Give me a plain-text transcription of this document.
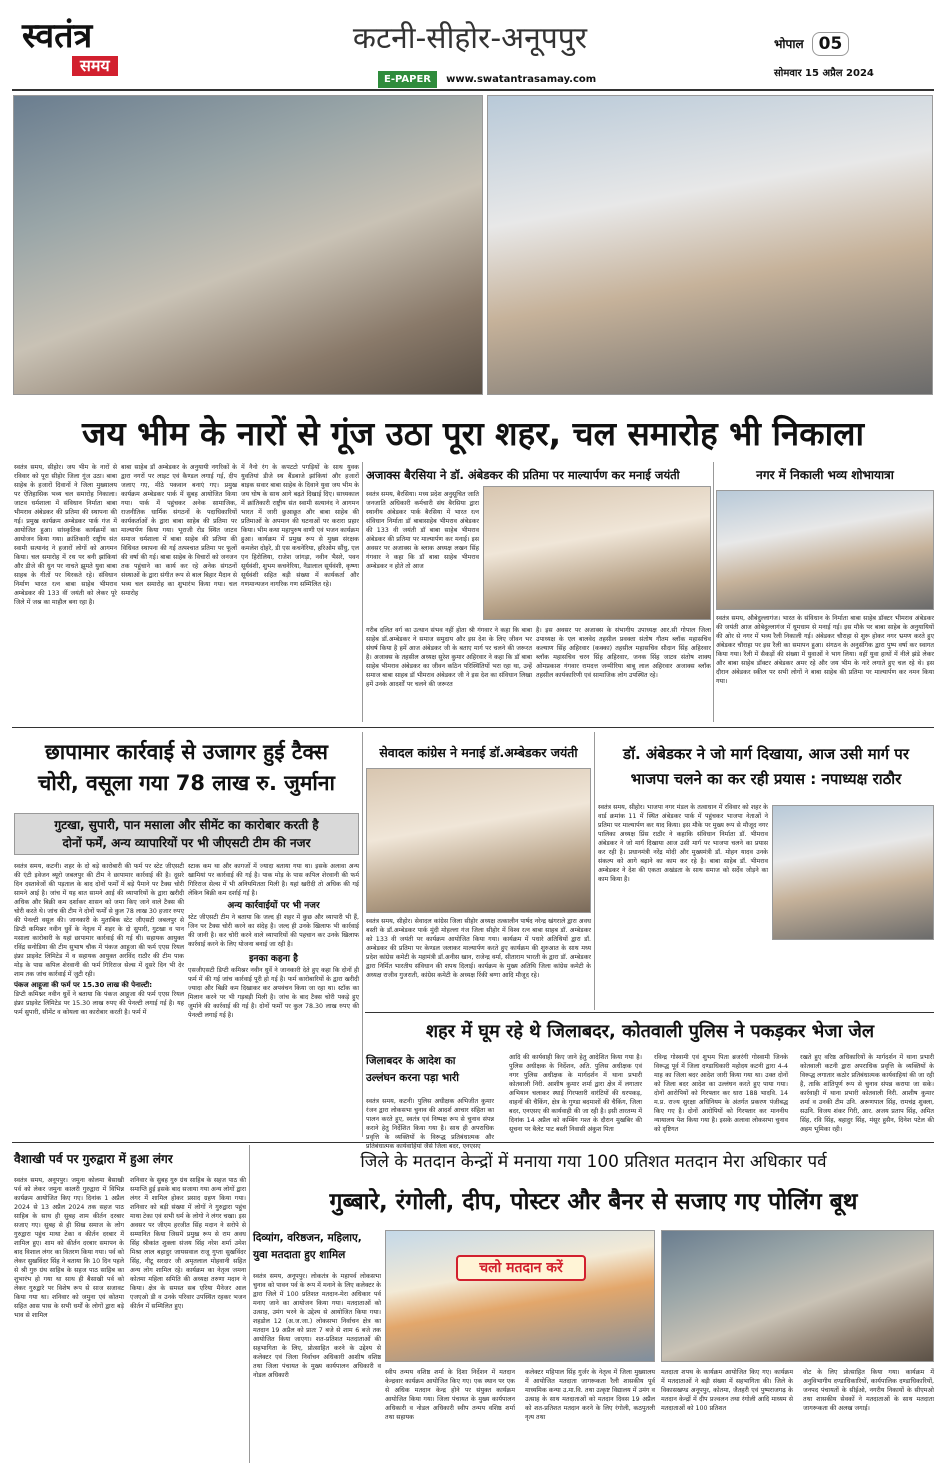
स्वतंत्र
समय
कटनी-सीहोर-अनूपपुर
E-PAPER www.swatantrasamay.com
भोपाल 05
सोमवार 15 अप्रैल 2024
जय भीम के नारों से गूंज उठा पूरा शहर, चल समारोह भी निकाला
स्वतंत्र समय, सीहोर। जय भीम के नारों से रविवार को पूरा सीहोर जिला गूंज उठा। बाबा साहेब के हजारों दिवानों ने जिला मुख्यालय पर ऐतिहासिक भव्य चल समारोह निकाला। जाटव धर्मशाला में संविधान निर्माता बाबा भीमराव अंबेडकर की प्रतिमा की स्थापना की गई। प्रमुख कार्यक्रम अम्बेडकर पार्क गंज में आयोजित हुआ। सांस्कृतिक कार्यक्रमों का आयोजन किया गया। क्रांतिकारी राष्ट्रीय संत स्वामी सत्यानंद ने हजारों लोगों को आगमन किया। चल समारोह में रथ पर बनी झांकियां और डीजे की धुन पर नाचते झूमते युवा बाबा साहब के गीतों पर थिरकते रहे। संविधान निर्माण भारत रत्न बाबा साहेब भीमराव अम्बेडकर की 133 वीं जयंती को लेकर पूरे जिले में जश्न का माहौल बना रहा है।
बाबा साहेब डॉ अम्बेडकर के अनुयायी नगरिकों के द्वारा नगरों पर लाइट एवं कैण्डल लगाई गई, दीप जलाए गए, मीठे पकवान बनाएं गए। प्रमुख कार्यक्रम अम्बेडकर पार्क में सुबह आयोजित किया गया। पार्क में पहुंचकर अनेक सामाजिक, राजनीतिक धार्मिक संगठनों के पदाधिकारियों कार्यकर्ताओं के द्वारा बाबा साहेब की प्रतिमा पर माल्यार्पण किया गया। भूराजी रोड स्थित जाटव समाज धर्मशाला में बाबा साहेब की प्रतिमा की विधिवत स्थापना की गई तत्पश्चात प्रतिमा पर फूलों की वर्षा की गई। बाबा साहेब के विचारों को जनजन तक पहुंचाने का कार्य कर रहे अनेक संगठनों संस्थाओं के द्वारा संगीत रूप से बाल बिहार मैदान से भव्य चल समारोह का शुभारंभ किया गया। चल समारोह
में नैनो रंग के कपटटो पगड़ियों के साथ युवक युवतियां डीजे स्थ बैंडबाजे झांकियां और हजारों बाइक सवार बाबा साहेब के दिवाने युवा जय भीम के जय घोष के साथ आगे बढ़ते दिखाई दिए। साध्यकाल में क्रांतिकारी राष्ट्रीय संत स्वामी सत्यानंद ने आगमन भारत में जारी छुआछूत और बाबा साहेब की प्रतिमाओं के अपमान की घटनाओं पर करारा प्रहार किया। भीम कथा महापुरुष वाणी एवं भजन कार्यक्रम हुआ। कार्यक्रम में प्रमुख रूप से मुख्य संरक्षक कमलेश दोहरे, डी एस कचनेरिया, हरिओम सौंधु, एल एन हिरोलिया, राजेश जांगड़ा, नवीन भैसरे, पवन सूर्यवंशी, शुभम कचनेरिया, नैडालाल सूर्यवंशी, कृष्णा सूर्यवंशी सहित बड़ी संख्या में कार्यकर्ता और गणमान्यजन नागरिक गण सम्मिलित रहे।
अजाक्स बैरसिया ने डॉ. अंबेडकर की प्रतिमा पर माल्यार्पण कर मनाई जयंती
स्वतंत्र समय, बैरसिया। मध्य प्रदेश अनुसूचित जाति जनजाति अधिकारी कर्मचारी संघ बैरसिया द्वारा स्थानीय अंबेडकर पार्क बैरसिया में भारत रत्न संविधान निर्माता डॉ बाबासाहेब भीमराव अंबेडकर की 133 वी जयंती डॉ बाबा साहेब भीमराव अंबेडकर की प्रतिमा पर माल्यार्पण कर मनाई। इस अवसर पर अजाक्स के ब्लाक अध्यक्ष लखन सिंह गंगवार ने कहा कि डॉ बाबा साहेब भीमराव अम्बेडकर न होते तो आज
गरीब दलित वर्ग का उत्थान संभव नहीं होता श्री गंगवार ने कहा कि बाबा साहेब डॉ.अम्बेडकर ने समाज समुदाय और इस देश के लिए जीवन भर संघर्ष किया है हमें आज अंबेडकर जी के बताए मार्ग पर चलने की जरूरत है। अजाक्स के तहसील अध्यक्ष सुरेश कुमार अहिरवार ने कहा कि डॉ बाबा साहेब भीमराव अंबेडकर का जीवन कठिन परिस्थितियों भरा रहा था, उन्हें समाज बाबा साहब डॉ भीमराव अंबेडकर जी ने इस देश का संविधान लिखा हमें उनके आदर्शों पर चलने की जरूरत
है। इस अवसर पर अजाक्स के संभागीय उपाध्यक्ष आर.सी गोपाल जिला उपाध्यक्ष के एल बालवेद तहसील प्रवक्ता संतोष गौतम ब्लॉक महासचिव कल्याण सिंह अहिरवार (कक्का) तहसील महासचिव सौदान सिंह अहिरवार ब्लॉक महासचिव चरन सिंह अहिरवार, जनक सिंह जाटव संतोष शाक्य ओमप्रकाश गंगवार रामदत्त जन्मीरिया बाबू लाल अहिरवार अजाक्स ब्लॉक तहसील कार्यकारिणी एवं सामाजिक लोग उपस्थित रहे।
नगर में निकाली भव्य शोभायात्रा
स्वतंत्र समय, औबेदुल्लागंज। भारत के संविधान के निर्माता बाबा साहेब डॉक्टर भीमराव अंबेडकर की जयंती आज ओबेदुल्लागंज में धूमधाम से मनाई गई। इस मौके पर बाबा साहेब के अनुयायियों की ओर से नगर में भव्य रैली निकाली गई। अंबेडकर चौराहा से शुरू होकर नगर भ्रमण करते हुए अंबेडकर चौराहा पर इस रैली का समापन हुआ। संगठन के अनुसंगिक द्वारा पुष्प वर्षा कर स्वागत किया गया। रैली में सैकड़ों की संख्या में युवाओं ने भाग लिया। वहीं युवा हाथों में नीले झंडे लेकर और बाबा साहेब डॉक्टर अंबेडकर अमर रहे और जय भीम के नारे लगाते हुए चल रहे थे। इस दौरान अंबेडकर स्कील पर सभी लोगों ने बाबा साहेब की प्रतिमा पर माल्यार्पण कर नमन किया गया।
छापामार कार्रवाई से उजागर हुई टैक्स
चोरी, वसूला गया 78 लाख रु. जुर्माना
गुटखा, सुपारी, पान मसाला और सीमेंट का कारोबार करती है
दोनों फर्में, अन्य व्यापारियों पर भी जीएसटी टीम की नजर
स्वतंत्र समय, कटनी। शहर के दो बड़े कारोबारी की फर्म पर स्टेट जीएसटी की एंटी इवेजन ब्यूरो जबलपुर की टीम ने छापामार कार्रवाई की है। दूसरे दिन दस्तावेजों की पड़ताल के बाद दोनों फर्मों में बड़े पैमाने पर टैक्स चोरी सामने आई है। जांच में यह बात सामने आई की व्यापारियों के द्वारा खरीदी अधिक और बिक्री कम दर्शाकर शासन को जमा किए जाने वाले टैक्स की चोरी करते थे। जांच की टीम ने दोनों फर्मों से कुल 78 लाख 30 हजार रुपए की पेनल्टी वसूल की। जानकारी के मुताबिक स्टेट जीएसटी जबलपुर से डिप्टी कमिश्नर नवीन धुर्वे के नेतृत्व में शहर के दो सुपारी, गुटखा व पान मसाला कारोबारी के यहां छापामार कार्रवाई की गई थी। सहायक आयुक्त रविंद्र सनोडिया की टीम सुभाष चौक में पंकज आहूजा की फर्म एएस रियल इंफ्रा प्राइवेट लिमिटेड में व सहायक आयुक्त अरविंद राठौर की टीम पाक मोड़ के पास कपिल शेरवानी की फर्म गिरिराज सेल्स में दूसरे दिन भी देर शाम तक जांच कार्रवाई में जुटी रही।
पंकज आहूजा की फर्म पर 15.30 लाख की पेनाल्टी:
डिप्टी कमिश्नर नवीन धुर्वे ने बताया कि पंकज आहूजा की फर्म एएस रियल इंफ्रा प्राइवेट लिमिटेड पर 15.30 लाख रुपए की पेनल्टी लगाई गई है। यह फर्म सुपारी, सीमेंट व कोयला का कारोबार करती है। फर्म में
स्टाक कम था और कागजों में ज्यादा बताया गया था। इसके अलावा अन्य खामियां पर कार्रवाई की गई है। पाक मोड़ के पास कपिल शेरवानी की फर्म गिरिराज सेल्स में भी अनियमितता मिली है। यहां खरीदी तो अधिक की गई लेकिन बिक्री कम दर्शाई गई है।
अन्य कार्रवाईयों पर भी नजर
स्टेट जीएसटी टीम ने बताया कि जल्द ही शहर में कुछ और व्यापारी भी हैं, जिन पर टैक्स चोरी करने का संदेह है। जल्द ही उनके खिलाफ भी कार्रवाई की जानी है। कर चोरी करने वाले व्यापारियों की पहचान कर उनके खिलाफ कार्रवाई करने के लिए योजना बनाई जा रही है।
इनका कहना है
एसजीएसटी डिप्टी कमिश्नर नवीन धुर्वे ने जानकारी देते हुए कहा कि दोनों ही फर्म में की गई जांच कार्रवाई पूरी हो गई है। फर्म कारोबारियों के द्वारा खरीदी ज्यादा और बिक्री कम दिखाकर कर अपवंचन किया जा रहा था। स्टॉक का मिलान करने पर भी गड़बड़ी मिली है। जांच के बाद टैक्स चोरी पकड़े हुए जुर्माने की कार्रवाई की गई है। दोनों फर्मों पर कुल 78.30 लाख रुपए की पेनल्टी लगाई गई है।
सेवादल कांग्रेस ने मनाई डॉ.अम्बेडकर जयंती
स्वतंत्र समय, सीहोर। सेवादल कांग्रेस जिला सीहोर अध्यक्ष तत्कालीन पार्षद नरेन्द्र खंगराले द्वारा अवध बस्ती के डॉ.अम्बेडकर पार्क मुंदी मोहल्ला गंज जिला सीहोर में विश्व रत्न बाबा साहब डॉ. अम्बेडकर को 133 वी जयंती पर कार्यक्रम आयोजित किया गया। कार्यक्रम में पधारे अतिथियों द्वारा डॉ. अम्बेडकर की प्रतिमा पर केण्डल जलाकर माल्यार्पण करते हुए कार्यक्रम की शुरुआत के साथ मध्य प्रदेश कांग्रेस कमेटी के महामंत्री डॉ.अनीस खान, राजेन्द्र वर्मा, सीताराम भारती के द्वारा डॉ. अम्बेडकर द्वारा निर्मित भारतीय संविधान की शपथ दिलाई। कार्यक्रम के मुख्य अतिथि जिला कांग्रेस कमेटी के अध्यक्ष राजीव गुजराती, कांग्रेस कमेटी के अध्यक्ष रिंकी बग्गा आदि मौजूद रहे।
डॉ. अंबेडकर ने जो मार्ग दिखाया, आज उसी मार्ग पर
भाजपा चलने का कर रही प्रयास : नपाध्यक्ष राठौर
स्वतंत्र समय, सीहोर। भाजपा नगर मंडल के तत्वाधान में रविवार को शहर के वार्ड क्रमांक 11 में स्थित अंबेडकर पार्क में पहुंचकर भाजपा नेताओं ने प्रतिमा पर माल्यार्पण कर याद किया। इस मौके पर मुख्य रूप से मौजूद नगर पालिका अध्यक्ष प्रिंस राठौर ने कहाकि संविधान निर्माता डॉ. भीमराव अंबेडकर ने जो मार्ग दिखाया आज उसी मार्ग पर भाजपा चलने का प्रयास कर रही है। प्रधानमंत्री नरेंद्र मोदी और मुख्यमंत्री डॉ. मोहन यादव उनके संकल्प को आगे बढ़ाने का काम कर रहे है। बाबा साहेब डॉ. भीमराव अम्बेडकर ने देश की एकता अखंडता के साथ समाज को सर्देव जोड़ने का काम किया है।
शहर में घूम रहे थे जिलाबदर, कोतवाली पुलिस ने पकड़कर भेजा जेल
जिलाबदर के आदेश का
उल्लंघन करना पड़ा भारी
स्वतंत्र समय, कटनी। पुलिस अधीक्षक अभिजीत कुमार रंजन द्वारा लोकसभा चुनाव की आदर्श आचार संहिता का पालन करते हुए, स्वतंत्र एवं निष्पक्ष रूप से चुनाव संपन्न कराने हेतु निर्देशित किया गया है। साथ ही अपराधिक प्रवृत्ति के व्यक्तियों के विरूद्ध प्रतिबंधात्मक और प्रतिबंधात्मक कार्यवाहियां जैसे जिला बदर, एनएसए
आदि की कार्यवाही किए जाने हेतु आदेशित किया गया है। पुलिस अधीक्षक के निर्देशन, अति. पुलिस अधीक्षक एवं नगर पुलिस अधीक्षक के मार्गदर्शन में थाना प्रभारी कोतवाली निरी. आशीष कुमार शर्मा द्वारा क्षेत्र में लगातार अभियान चलाकर स्थाई गिरफ्तारी वारंटियों की धरपकड़, वाहनों की चैकिंग, क्षेत्र के गुण्डा बदमाशों की चैकिंग, जिला बदर, एनएसए की कार्यवाही की जा रही है। इसी तारतम्य में दिनांक 14 अप्रैल को कम्बिंग गश्त के दौरान मुखबिर की सूचना पर बैलेट पाट बस्ती निवासी अंकुश पिता
रविन्द्र गोस्वामी एवं शुभम पिता ब्रजरंगी गोस्वामी जिनके विरूद्ध पूर्व में जिला दण्डाधिकारी महोदय कटनी द्वारा 4-4 माह का जिला बदर आदेश जारी किया गया था। उक्त दोनों को जिला बदर आदेश का उल्लंघन करते हुए पाया गया। दोनों आरोपियों को गिरफ्तार कर धारा 188 भादवि. 14 म.प्र. राज्य सुरक्षा अधिनियम के अंतर्गत प्रकरण पंजीबद्ध किए गए है। दोनों आरोपियों को गिरफ्तार कर माननीय न्यायालय पेश किया गया है। इसके अलावा लोकसभा चुनाव को दृष्टिगत
रखते हुए वरिष्ठ अधिकारियों के मार्गदर्शन में थाना प्रभारी कोतवाली कटनी द्वारा अपराधिक प्रवृत्ति के व्यक्तियों के विरूद्ध लगातार कठोर प्रतिबंधात्मक कार्यवाहियां की जा रही है, ताकि शांतिपूर्ण रूप से चुनाव संपन्न कराया जा सके। कार्रवाही में थाना प्रभारी कोतवाली निरी. आशीष कुमार शर्मा व उनकी टीम उनि. अरूणपाल सिंह, रामचंद्र शुक्ला, सउनि. विजय शंकर गिरी, आर. अजय प्रताप सिंह, अमित सिंह, रवि सिंह, बहादुर सिंह, मंसूर हुसैन, दिनेश पटेल की अहम भूमिका रही।
वैशाखी पर्व पर गुरुद्वारा में हुआ लंगर
स्वतंत्र समय, अनूपपुर। जमुना कोलमा बैसाखी पर्व को लेकर जमुना कालरी गुरुद्वारा में विभिन्न कार्यक्रम आयोजित किए गए। दिनांक 1 अप्रैल 2024 से 13 अप्रैल 2024 तक सहज पाठ साहिब के साथ ही सुबह शाम कीर्तन दरबार सजाए गए। सुबह से ही सिख समाज के लोग गुरुद्वारा पहुंच माथा टेका व कीर्तन दरबार में शामिल हुए। शाम को कीर्तन दरबार समापन के बाद विशाल लंगर का वितरण किया गया। पर्व को लेकर सुखविंदर सिंह ने बताया कि 10 दिन पहले से श्री गुरु ग्रंथ साहिब के सहज पाठ साहिब का शुभारंभ हो गया था साथ ही बैसाखी पर्व को लेकर गुरुद्वारे पर विशेष रूप से साज सजावट किया गया था। शनिवार को जमुना एवं कोतमा सहित आस पास के सभी धर्मों के लोगों द्वारा बड़े भाव से शामिल
शनिवार के सुबह गुरु ग्रंथ साहिब के सहज पाठ की समाप्ति हुई इसके बाद सजाया गया अन्य लोगों द्वारा लंगर में शामिल होकर प्रसाद ग्रहण किया गया। शनिवार को बड़ी संख्या में लोगों ने गुरुद्वारा पहुंच माथा टेका एवं सभी धर्म के लोगो ने लंगर चखा। इस अवसर पर जीएम हरजीत सिंह मदान ने सरोपे से सम्मानित किया जिसमें प्रमुख रूप से राम अवध सिंह श्रीकांत शुक्ला संजय सिंह नरेश शर्मा उमेश मिश्रा लाल बहादुर जायसवाल राजू गुप्ता सुखविंदर सिंह, नीटू सरदार जी अमृतलाल मोहवानी सहित अन्य लोग शामिल रहे। कार्यक्रम का नेतृत्व जमना कोतमा महिला समिति की अध्यक्ष तरुणा मदान ने किया। क्षेत्र के समस्त सब एरिया मैनेजर आल एजएओ डी व उनके परिवार उपस्थित रहकर भजन कीर्तन में सम्मिलित हुए।
जिले के मतदान केन्द्रों में मनाया गया 100 प्रतिशत मतदान मेरा अधिकार पर्व
गुब्बारे, रंगोली, दीप, पोस्टर और बैनर से सजाए गए पोलिंग बूथ
दिव्यांग, वरिष्ठजन, महिलाए,
युवा मतदाता हुए शामिल
स्वतंत्र समय, अनूपपुर। लोकतंत्र के महापर्व लोकसभा चुनाव को पावन पर्व के रूप में मनाने के लिए कलेक्टर के द्वारा जिले में 100 प्रतिशत मतदान-मेरा अधिकार पर्व मनाए जाने का आयोजन किया गया। मतदाताओं को उत्साह, उमंग भरने के उद्देश्य से आयोजित किया गया। शहडोल 12 (अ.ज.जा.) लोकसभा निर्वाचन क्षेत्र का मतदान 19 अप्रैल को प्रातः 7 बजे से शाम 6 बजे तक आयोजित किया जाएगा। शत-प्रतिशत मतदाताओं की सहभागिता के लिए, प्रोत्साहित करने के उद्देश्य से कलेक्टर एवं जिला निर्वाचन अधिकारी आशीष वशिष्ठ तथा जिला पंचायत के मुख्य कार्यपालन अधिकारी व नोडल अधिकारी
चलो मतदान करें
स्वीप तन्मय वशिष्ठ शर्मा के दिशा निर्देशन में मतदान केन्द्रवार कार्यक्रम आयोजित किए गए। एक स्थान पर एक से अधिक मतदान केन्द्र होने पर संयुक्त कार्यक्रम आयोजित किया गया। जिला पंचायत के मुख्य कार्यपालन अधिकारी व नोडल अधिकारी स्वीप तन्मय वशिष्ठ शर्मा तथा सहायक
कलेक्टर महिपाल सिंह गुर्जर के नेतृत्व में जिला मुख्यालय में आयोजित मतदाता जागरूकता रैली शासकीय पूर्व माध्यमिक कन्या उ.मा.वि. तथा उत्कृष्ट विद्यालय में उमंग व उत्साह के साथ मतदाताओं को मतदान दिवस 19 अप्रैल को शत-प्रतिशत मतदान करने के लिए रंगोली, कठपुतली नृत्य तथा
मतदाता शपथ के कार्यक्रम आयोजित किए गए। कार्यक्रम में मतदाताओं ने बड़ी संख्या में सहभागिता की। जिले के विकासखण्ड अनूपपुर, कोतमा, जैतहरी एवं पुष्पराजगढ़ के मतदान केन्द्रों में दीप प्रज्वलन तथा रंगोली आदि माध्यम से मतदाताओं को 100 प्रतिशत
वोट के लिए प्रोत्साहित किया गया। कार्यक्रम में अनुविभागीय दण्डाधिकारियों, कार्यपालिक दण्डाधिकारियों, जनपद पंचायतों के सीईओ, नगरीय निकायों के सीएमओ तथा शासकीय सेवकों ने मतदाताओं के साथ मतदाता जागरूकता की अलख जगाई।
